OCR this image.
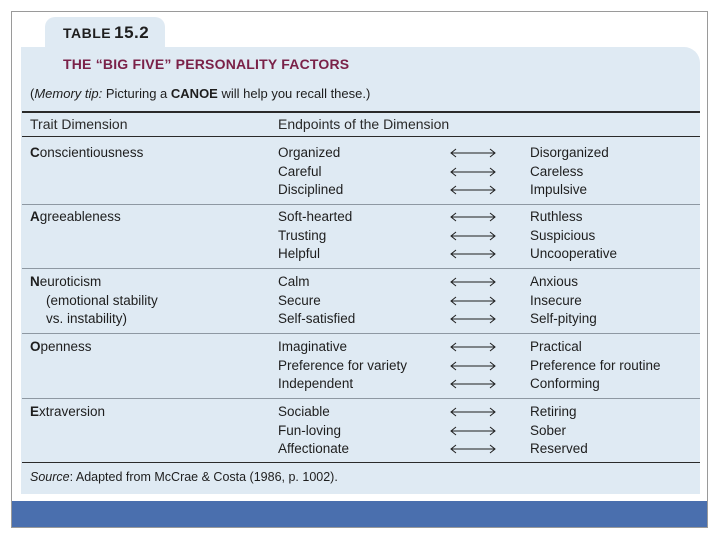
TABLE 15.2
THE “BIG FIVE” PERSONALITY FACTORS
(Memory tip: Picturing a CANOE will help you recall these.)
Trait Dimension	Endpoints of the Dimension
Conscientiousness	Organized	Disorganized
Careful	Careless
Disciplined	Impulsive
Agreeableness	Soft-hearted	Ruthless
Trusting	Suspicious
Helpful	Uncooperative
Neuroticism
(emotional stability
vs. instability)
Calm	Anxious
Secure	Insecure
Self-satisfied	Self-pitying
Openness	Imaginative	Practical
Preference for variety	Preference for routine
Independent	Conforming
Extraversion	Sociable	Retiring
Fun-loving	Sober
Affectionate	Reserved
Source: Adapted from McCrae & Costa (1986, p. 1002).
